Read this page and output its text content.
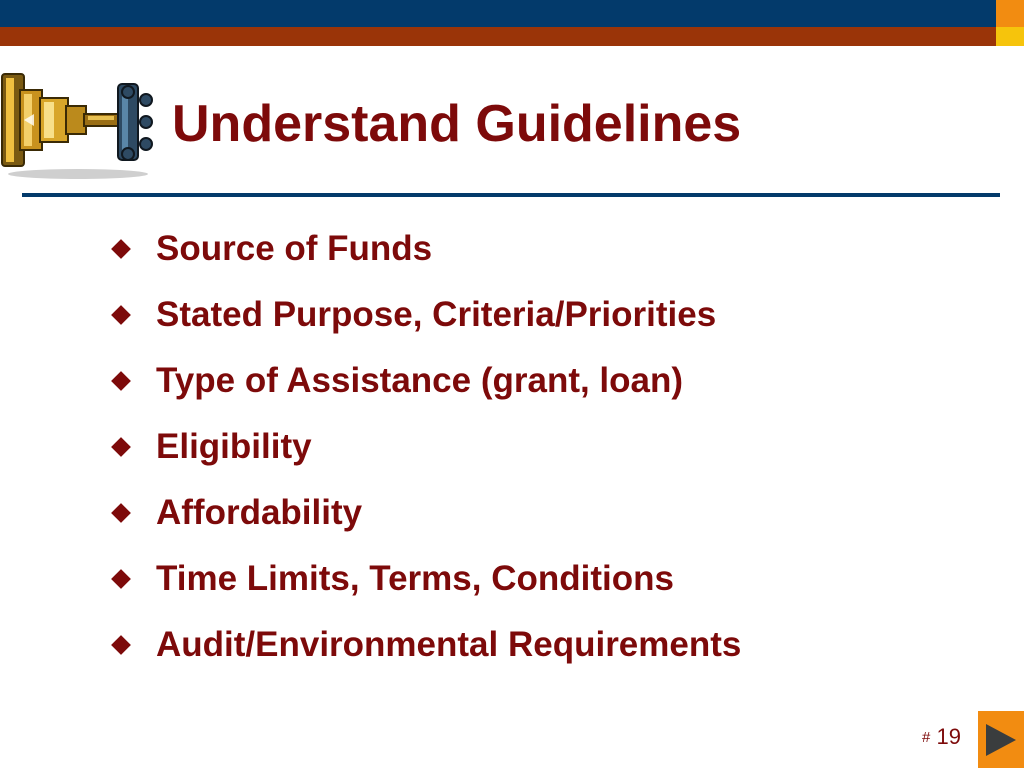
Understand Guidelines
Source of Funds
Stated Purpose, Criteria/Priorities
Type of Assistance (grant, loan)
Eligibility
Affordability
Time Limits, Terms, Conditions
Audit/Environmental Requirements
# 19
